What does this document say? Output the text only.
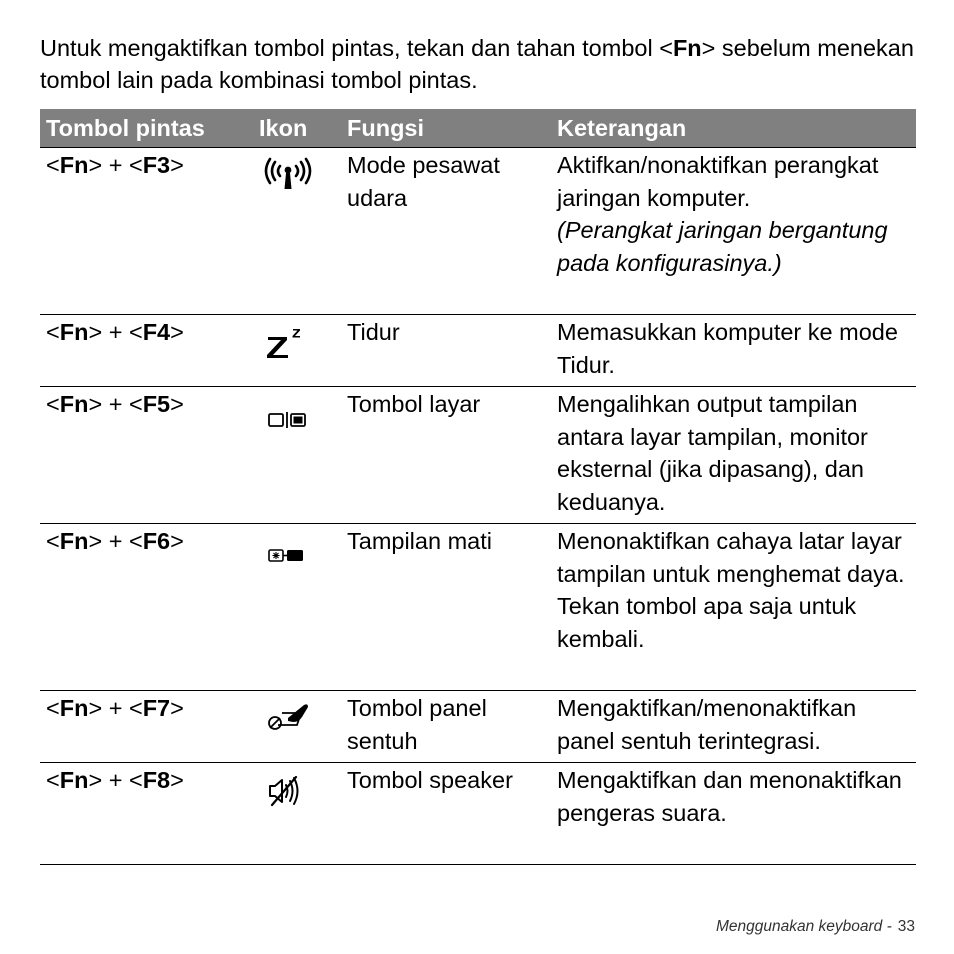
Untuk mengaktifkan tombol pintas, tekan dan tahan tombol <Fn> sebelum menekan tombol lain pada kombinasi tombol pintas.

Tombol pintas	Ikon	Fungsi	Keterangan
<Fn> + <F3>		Mode pesawat udara	Aktifkan/nonaktifkan perangkat jaringan komputer.
(Perangkat jaringan bergantung pada konfigurasinya.)

<Fn> + <F4>		Tidur	Memasukkan komputer ke mode Tidur.
<Fn> + <F5>		Tombol layar	Mengalihkan output tampilan antara layar tampilan, monitor eksternal (jika dipasang), dan keduanya.
<Fn> + <F6>		Tampilan mati	Menonaktifkan cahaya latar layar tampilan untuk menghemat daya. Tekan tombol apa saja untuk kembali.
<Fn> + <F7>		Tombol panel sentuh	Mengaktifkan/menonaktifkan panel sentuh terintegrasi.
<Fn> + <F8>		Tombol speaker	Mengaktifkan dan menonaktifkan pengeras suara.
Menggunakan keyboard - 33
